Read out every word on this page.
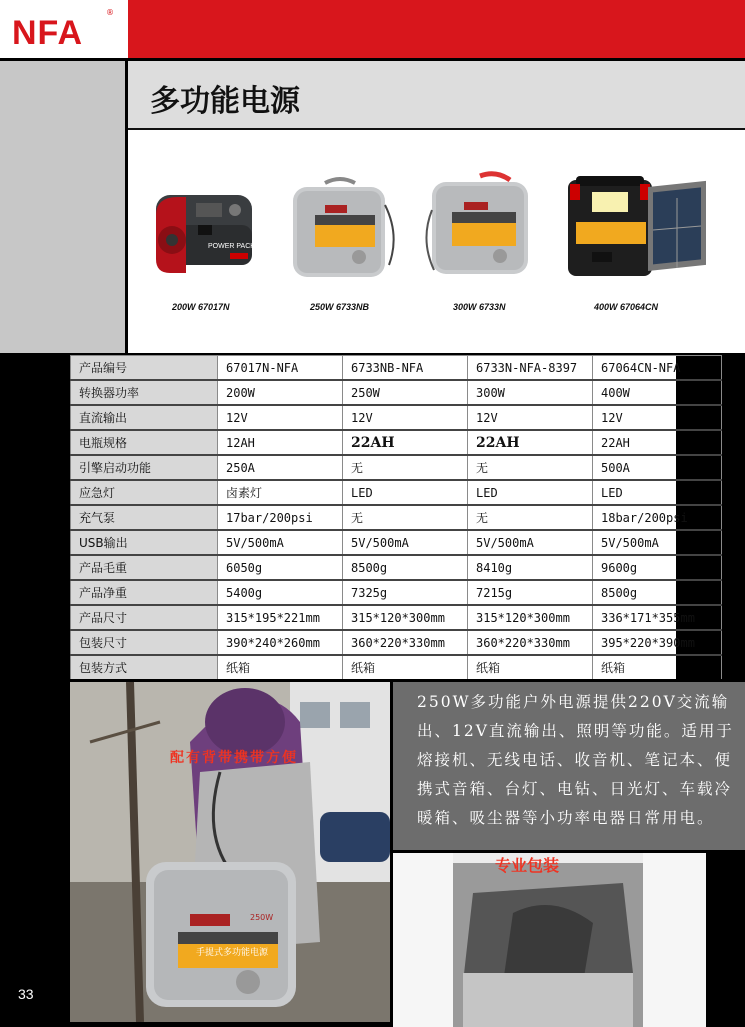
NFA
®
多功能电源
POWER PACK
200W 67017N	250W 6733NB	300W 6733N	400W 67064CN
产品编号	67017N-NFA	6733NB-NFA	6733N-NFA-8397	67064CN-NFA
转换器功率	200W	250W	300W	400W
直流输出	12V	12V	12V	12V
电瓶规格	12AH	22AH	22AH	22AH
引擎启动功能	250A	无	无	500A
应急灯	卤素灯	LED	LED	LED
充气泵	17bar/200psi	无	无	18bar/200psi
USB输出	5V/500mA	5V/500mA	5V/500mA	5V/500mA
产品毛重	6050g	8500g	8410g	9600g
产品净重	5400g	7325g	7215g	8500g
产品尺寸	315*195*221mm	315*120*300mm	315*120*300mm	336*171*355mm
包装尺寸	390*240*260mm	360*220*330mm	360*220*330mm	395*220*390mm
包装方式	纸箱	纸箱	纸箱	纸箱
250W
手提式多功能电源
配有背带携带方便
250W多功能户外电源提供220V交流输出、12V直流输出、照明等功能。适用于熔接机、无线电话、收音机、笔记本、便携式音箱、台灯、电钻、日光灯、车载冷暖箱、吸尘器等小功率电器日常用电。
专业包装
33
